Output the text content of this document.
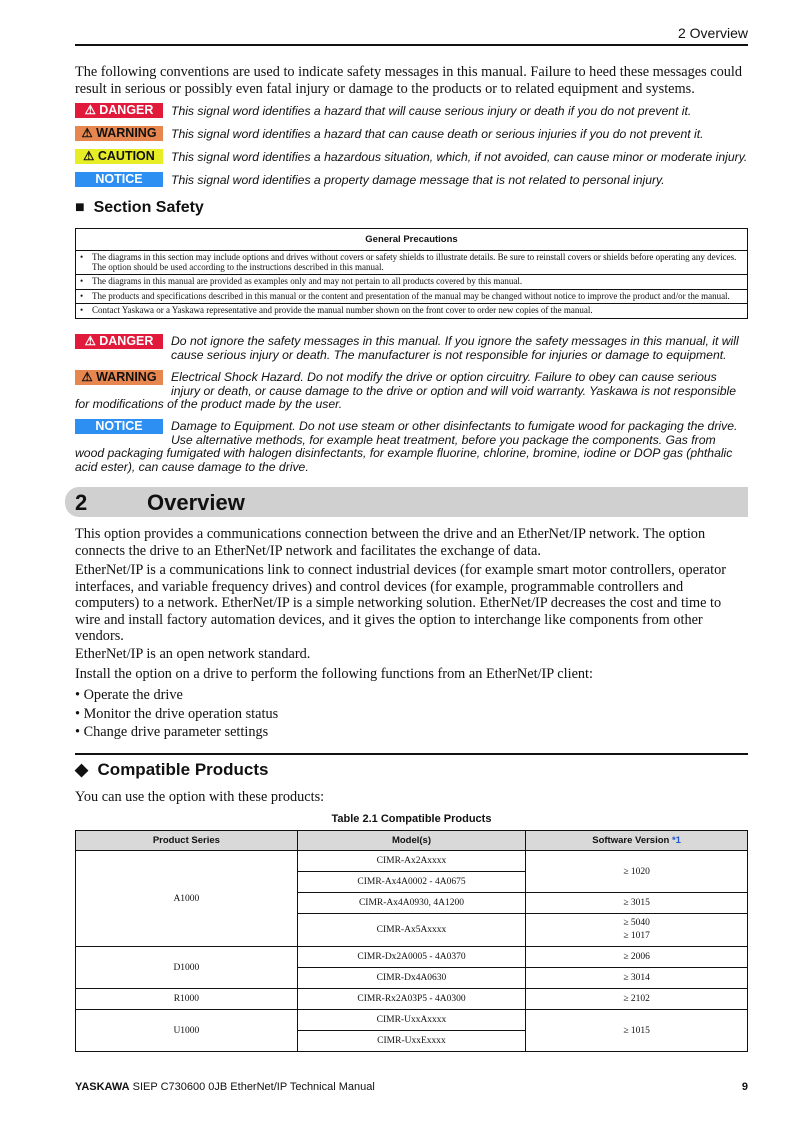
2 Overview
The following conventions are used to indicate safety messages in this manual. Failure to heed these messages could result in serious or possibly even fatal injury or damage to the products or to related equipment and systems.
⚠ DANGER	This signal word identifies a hazard that will cause serious injury or death if you do not prevent it.
⚠ WARNING	This signal word identifies a hazard that can cause death or serious injuries if you do not prevent it.
⚠ CAUTION	This signal word identifies a hazardous situation, which, if not avoided, can cause minor or moderate injury.
NOTICE	This signal word identifies a property damage message that is not related to personal injury.
■ Section Safety
General Precautions
• The diagrams in this section may include options and drives without covers or safety shields to illustrate details. Be sure to reinstall covers or shields before operating any devices. The option should be used according to the instructions described in this manual.
• The diagrams in this manual are provided as examples only and may not pertain to all products covered by this manual.
• The products and specifications described in this manual or the content and presentation of the manual may be changed without notice to improve the product and/or the manual.
• Contact Yaskawa or a Yaskawa representative and provide the manual number shown on the front cover to order new copies of the manual.
⚠ DANGER	Do not ignore the safety messages in this manual. If you ignore the safety messages in this manual, it will cause serious injury or death. The manufacturer is not responsible for injuries or damage to equipment.
⚠ WARNING	Electrical Shock Hazard. Do not modify the drive or option circuitry. Failure to obey can cause serious injury or death, or cause damage to the drive or option and will void warranty. Yaskawa is not responsible for modifications of the product made by the user.
NOTICE	Damage to Equipment. Do not use steam or other disinfectants to fumigate wood for packaging the drive. Use alternative methods, for example heat treatment, before you package the components. Gas from wood packaging fumigated with halogen disinfectants, for example fluorine, chlorine, bromine, iodine or DOP gas (phthalic acid ester), can cause damage to the drive.
2	Overview
This option provides a communications connection between the drive and an EtherNet/IP network. The option connects the drive to an EtherNet/IP network and facilitates the exchange of data.
EtherNet/IP is a communications link to connect industrial devices (for example smart motor controllers, operator interfaces, and variable frequency drives) and control devices (for example, programmable controllers and computers) to a network. EtherNet/IP is a simple networking solution. EtherNet/IP decreases the cost and time to wire and install factory automation devices, and it gives the option to interchange like components from other vendors.
EtherNet/IP is an open network standard.
Install the option on a drive to perform the following functions from an EtherNet/IP client:
• Operate the drive
• Monitor the drive operation status
• Change drive parameter settings
◆ Compatible Products
You can use the option with these products:
Table 2.1 Compatible Products
Product Series	Model(s)	Software Version *1
A1000	CIMR-Ax2Axxxx	≥ 1020
	CIMR-Ax4A0002 - 4A0675	
	CIMR-Ax4A0930, 4A1200	≥ 3015
	CIMR-Ax5Axxxx	≥ 5040
≥ 1017

D1000	CIMR-Dx2A0005 - 4A0370	≥ 2006
	CIMR-Dx4A0630	≥ 3014
R1000	CIMR-Rx2A03P5 - 4A0300	≥ 2102
U1000	CIMR-UxxAxxxx	≥ 1015
	CIMR-UxxExxxx	
YASKAWA SIEP C730600 0JB EtherNet/IP Technical Manual	9
